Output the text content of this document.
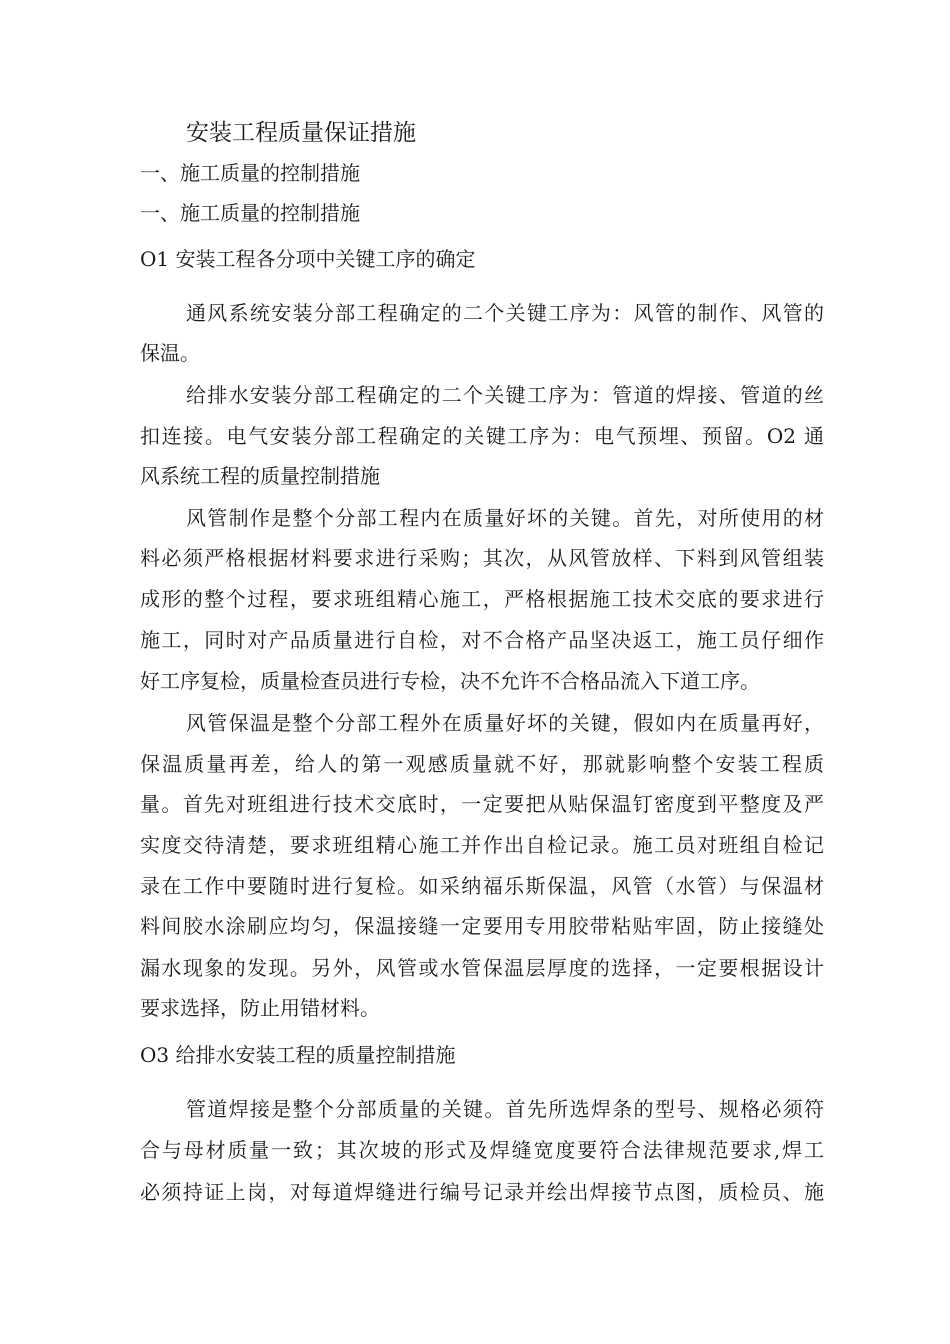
安装工程质量保证措施
一、施工质量的控制措施
一、施工质量的控制措施
O1 安装工程各分项中关键工序的确定
通风系统安装分部工程确定的二个关键工序为：风管的制作、风管的
保温。
给排水安装分部工程确定的二个关键工序为：管道的焊接、管道的丝
扣连接。电气安装分部工程确定的关键工序为：电气预埋、预留。O2 通
风系统工程的质量控制措施
风管制作是整个分部工程内在质量好坏的关键。首先，对所使用的材
料必须严格根据材料要求进行采购；其次，从风管放样、下料到风管组装
成形的整个过程，要求班组精心施工，严格根据施工技术交底的要求进行
施工，同时对产品质量进行自检，对不合格产品坚决返工，施工员仔细作
好工序复检，质量检查员进行专检，决不允许不合格品流入下道工序。
风管保温是整个分部工程外在质量好坏的关键，假如内在质量再好，
保温质量再差，给人的第一观感质量就不好，那就影响整个安装工程质
量。首先对班组进行技术交底时，一定要把从贴保温钉密度到平整度及严
实度交待清楚，要求班组精心施工并作出自检记录。施工员对班组自检记
录在工作中要随时进行复检。如采纳福乐斯保温，风管（水管）与保温材
料间胶水涂刷应均匀，保温接缝一定要用专用胶带粘贴牢固，防止接缝处
漏水现象的发现。另外，风管或水管保温层厚度的选择，一定要根据设计
要求选择，防止用错材料。
O3 给排水安装工程的质量控制措施
管道焊接是整个分部质量的关键。首先所选焊条的型号、规格必须符
合与母材质量一致；其次坡的形式及焊缝宽度要符合法律规范要求,焊工
必须持证上岗，对每道焊缝进行编号记录并绘出焊接节点图，质检员、施
